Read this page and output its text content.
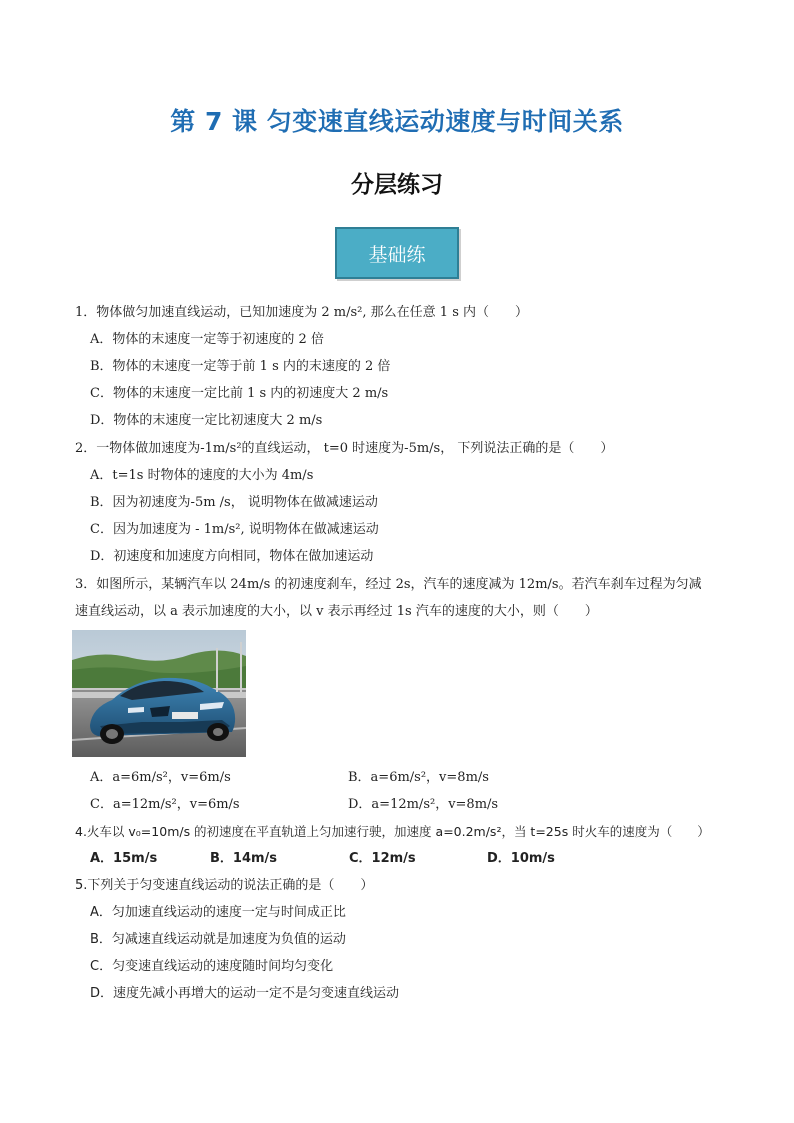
第 7 课 匀变速直线运动速度与时间关系
分层练习
基础练
1．物体做匀加速直线运动，已知加速度为 2 m/s², 那么在任意 1 s 内（　　）
A．物体的末速度一定等于初速度的 2 倍
B．物体的末速度一定等于前 1 s 内的末速度的 2 倍
C．物体的末速度一定比前 1 s 内的初速度大 2 m/s
D．物体的末速度一定比初速度大 2 m/s
2．一物体做加速度为-1m/s²的直线运动， t=0 时速度为-5m/s， 下列说法正确的是（　　）
A．t=1s 时物体的速度的大小为 4m/s
B．因为初速度为-5m /s， 说明物体在做减速运动
C．因为加速度为 - 1m/s², 说明物体在做减速运动
D．初速度和加速度方向相同，物体在做加速运动
3．如图所示，某辆汽车以 24m/s 的初速度刹车，经过 2s，汽车的速度减为 12m/s。若汽车刹车过程为匀减
速直线运动，以 a 表示加速度的大小，以 v 表示再经过 1s 汽车的速度的大小，则（　　）
A．a=6m/s²，v=6m/s	B．a=6m/s²，v=8m/s
C．a=12m/s²，v=6m/s	D．a=12m/s²，v=8m/s
4.火车以 v₀=10m/s 的初速度在平直轨道上匀加速行驶，加速度 a=0.2m/s²，当 t=25s 时火车的速度为（　　）
A．15m/s	B．14m/s	C．12m/s	D．10m/s
5.下列关于匀变速直线运动的说法正确的是（　　）
A．匀加速直线运动的速度一定与时间成正比
B．匀减速直线运动就是加速度为负值的运动
C．匀变速直线运动的速度随时间均匀变化
D．速度先减小再增大的运动一定不是匀变速直线运动
